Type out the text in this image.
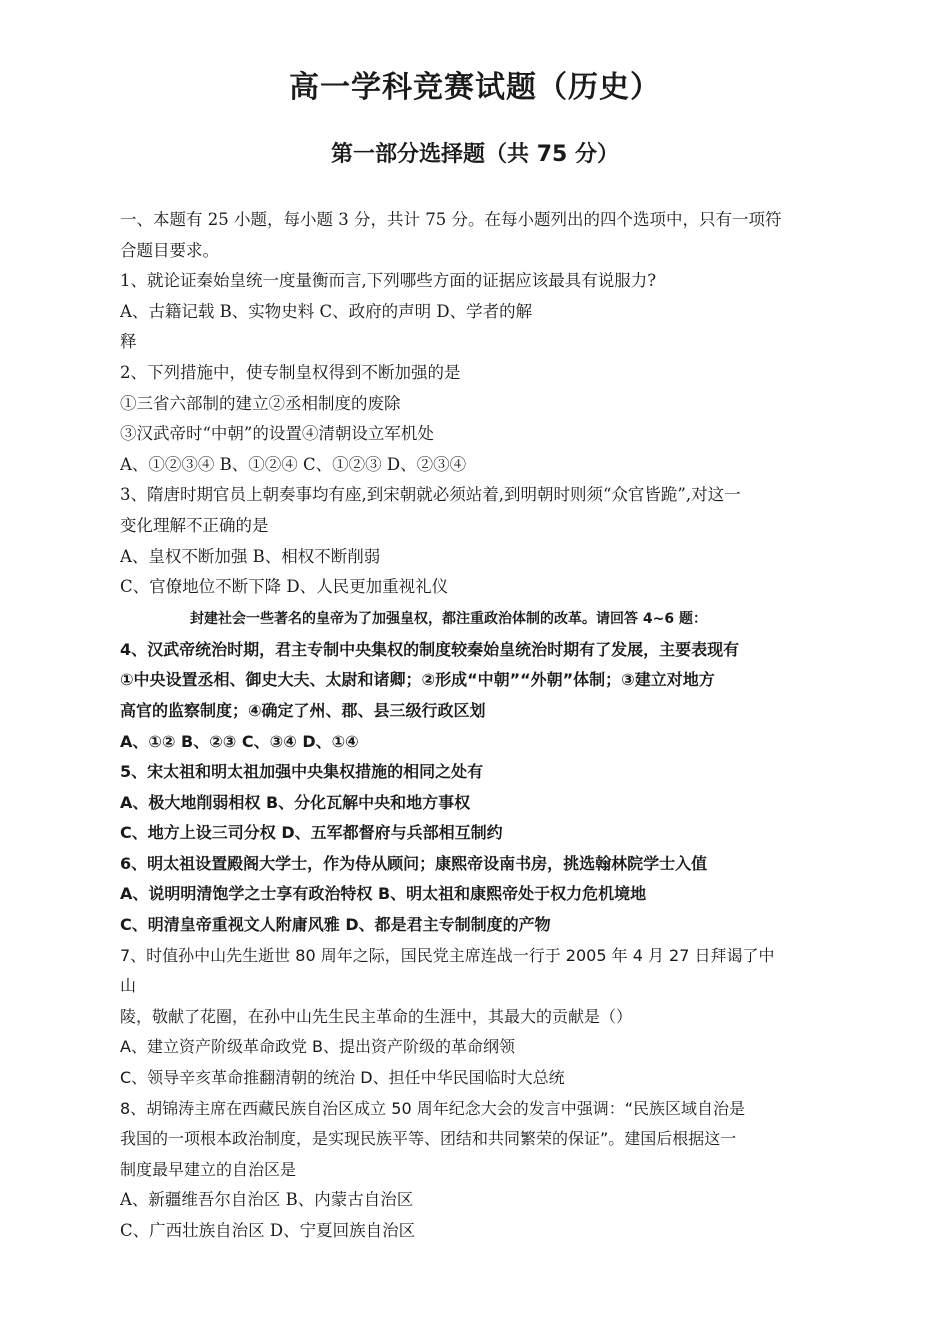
高一学科竞赛试题（历史）
第一部分选择题（共 75 分）
一、本题有 25 小题，每小题 3 分，共计 75 分。在每小题列出的四个选项中，只有一项符
合题目要求。
1、就论证秦始皇统一度量衡而言,下列哪些方面的证据应该最具有说服力?
A、古籍记载 B、实物史料 C、政府的声明 D、学者的解
释
2、下列措施中，使专制皇权得到不断加强的是
①三省六部制的建立②丞相制度的废除
③汉武帝时“中朝”的设置④清朝设立军机处
A、①②③④ B、①②④ C、①②③ D、②③④
3、隋唐时期官员上朝奏事均有座,到宋朝就必须站着,到明朝时则须“众官皆跪”,对这一
变化理解不正确的是
A、皇权不断加强 B、相权不断削弱
C、官僚地位不断下降 D、人民更加重视礼仪
封建社会一些著名的皇帝为了加强皇权，都注重政治体制的改革。请回答 4~6 题：
4、汉武帝统治时期，君主专制中央集权的制度较秦始皇统治时期有了发展，主要表现有
①中央设置丞相、御史大夫、太尉和诸卿；②形成“中朝”“外朝”体制；③建立对地方
高官的监察制度；④确定了州、郡、县三级行政区划
A、①② B、②③ C、③④ D、①④
5、宋太祖和明太祖加强中央集权措施的相同之处有
A、极大地削弱相权 B、分化瓦解中央和地方事权
C、地方上设三司分权 D、五军都督府与兵部相互制约
6、明太祖设置殿阁大学士，作为侍从顾问；康熙帝设南书房，挑选翰林院学士入值
A、说明明清饱学之士享有政治特权 B、明太祖和康熙帝处于权力危机境地
C、明清皇帝重视文人附庸风雅 D、都是君主专制制度的产物
7、时值孙中山先生逝世 80 周年之际，国民党主席连战一行于 2005 年 4 月 27 日拜谒了中
山
陵，敬献了花圈，在孙中山先生民主革命的生涯中，其最大的贡献是（）
A、建立资产阶级革命政党 B、提出资产阶级的革命纲领
C、领导辛亥革命推翻清朝的统治 D、担任中华民国临时大总统
8、胡锦涛主席在西藏民族自治区成立 50 周年纪念大会的发言中强调：“民族区域自治是
我国的一项根本政治制度，是实现民族平等、团结和共同繁荣的保证”。建国后根据这一
制度最早建立的自治区是
A、新疆维吾尔自治区 B、内蒙古自治区
C、广西壮族自治区 D、宁夏回族自治区
